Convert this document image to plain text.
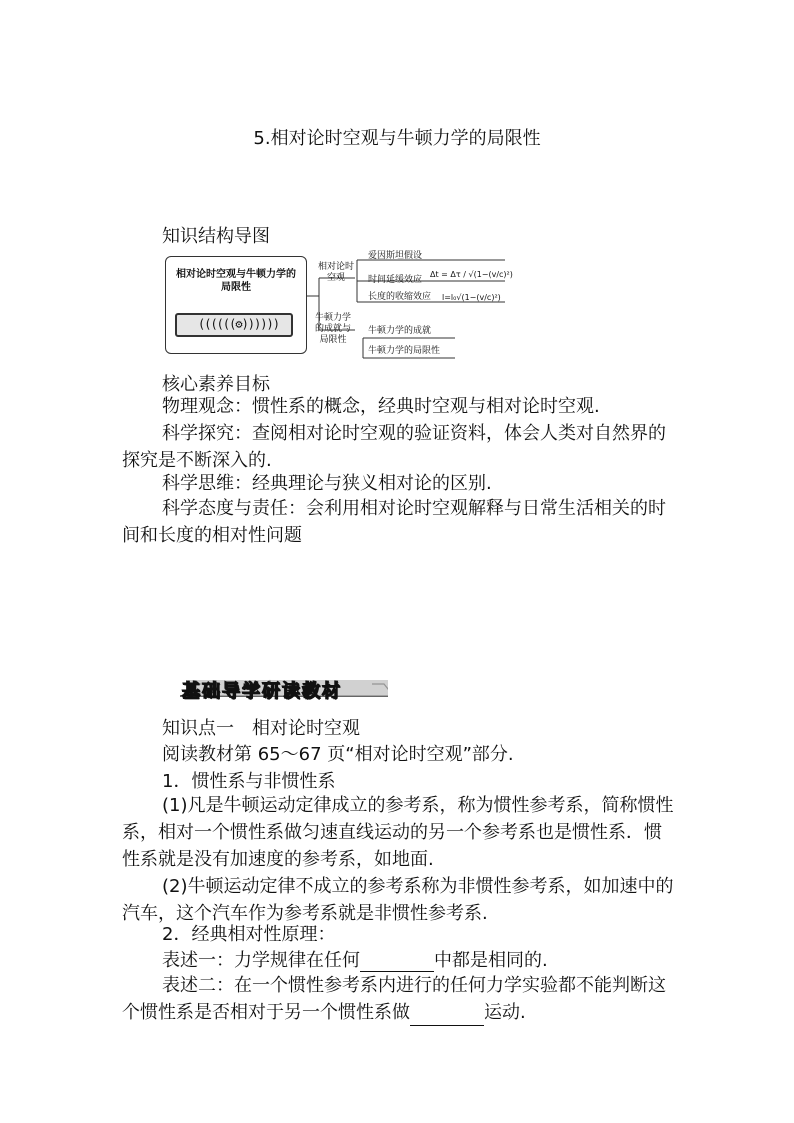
5.相对论时空观与牛顿力学的局限性
知识结构导图
相对论时空观与牛顿力学的局限性
((((((⚙))))))
相对论时空观
爱因斯坦假设
时间延缓效应
Δt = Δτ / √(1−(v/c)²)
长度的收缩效应 l=l₀√(1−(v/c)²)
牛顿力学的成就与局限性
牛顿力学的成就
牛顿力学的局限性
核心素养目标
物理观念：惯性系的概念，经典时空观与相对论时空观.
科学探究：查阅相对论时空观的验证资料，体会人类对自然界的探究是不断深入的.
科学思维：经典理论与狭义相对论的区别.
科学态度与责任：会利用相对论时空观解释与日常生活相关的时间和长度的相对性问题
基础导学研读教材
知识点一　相对论时空观
阅读教材第 65～67 页“相对论时空观”部分.
1．惯性系与非惯性系
(1)凡是牛顿运动定律成立的参考系，称为惯性参考系，简称惯性系，相对一个惯性系做匀速直线运动的另一个参考系也是惯性系．惯性系就是没有加速度的参考系，如地面.
(2)牛顿运动定律不成立的参考系称为非惯性参考系，如加速中的汽车，这个汽车作为参考系就是非惯性参考系.
2．经典相对性原理：
表述一：力学规律在任何	中都是相同的.
表述二：在一个惯性参考系内进行的任何力学实验都不能判断这个惯性系是否相对于另一个惯性系做	运动.
